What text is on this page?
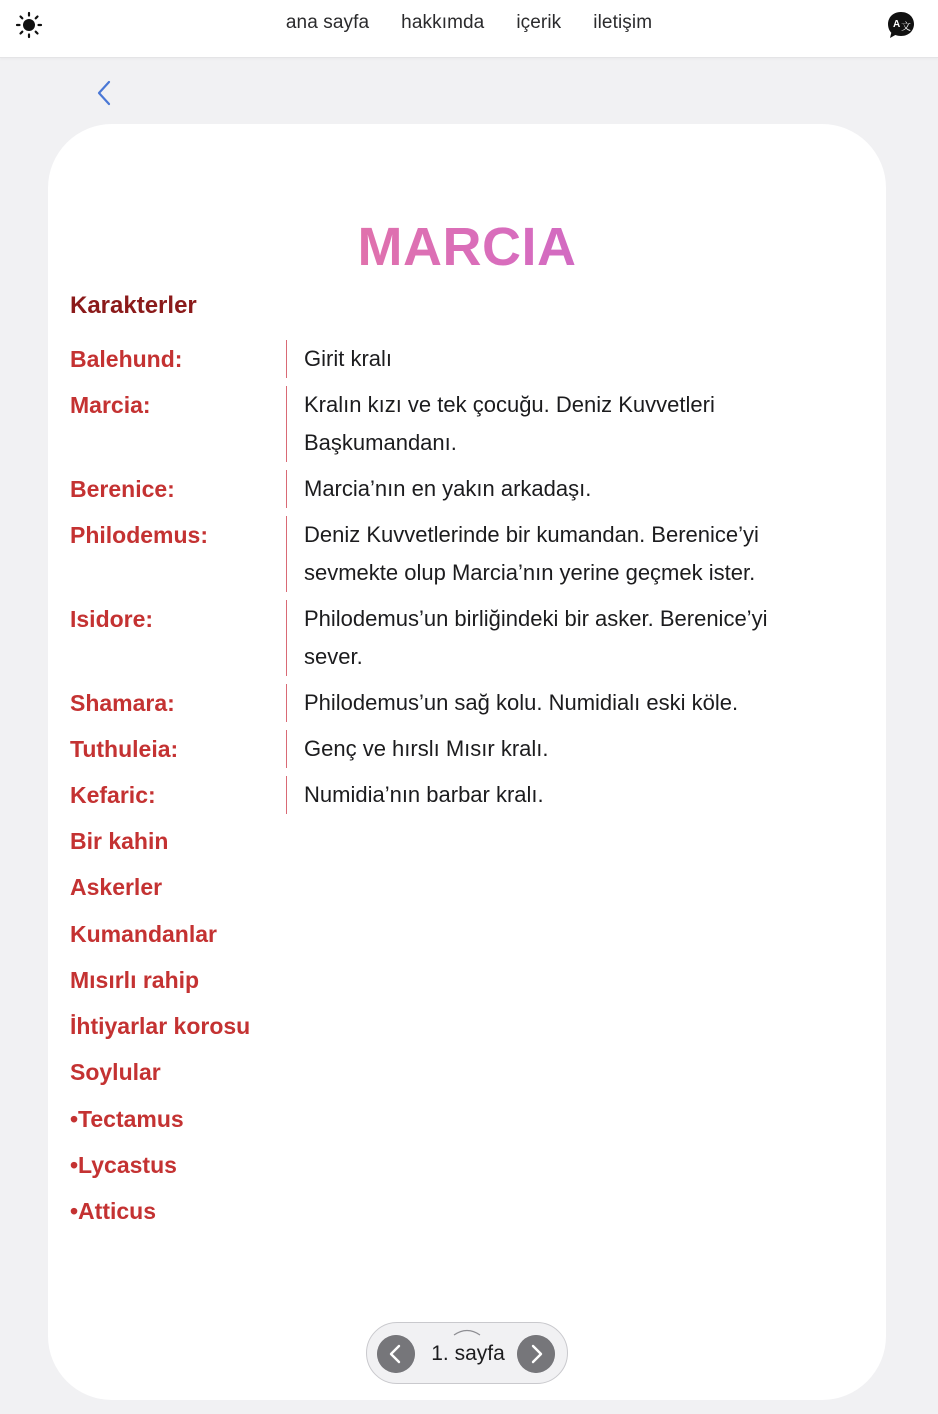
ana sayfa hakkımda içerik iletişim	A 文
MARCIA
Karakterler
Balehund:	Girit kralı
Marcia:	Kralın kızı ve tek çocuğu. Deniz Kuvvetleri Başkumandanı.
Berenice:	Marcia’nın en yakın arkadaşı.
Philodemus:	Deniz Kuvvetlerinde bir kumandan. Berenice’yi sevmekte olup Marcia’nın yerine geçmek ister.
Isidore:	Philodemus’un birliğindeki bir asker. Berenice’yi sever.
Shamara:	Philodemus’un sağ kolu. Numidialı eski köle.
Tuthuleia:	Genç ve hırslı Mısır kralı.
Kefaric:	Numidia’nın barbar kralı.
Bir kahin
Askerler
Kumandanlar
Mısırlı rahip
İhtiyarlar korosu
Soylular
•Tectamus
•Lycastus
•Atticus
1. sayfa
